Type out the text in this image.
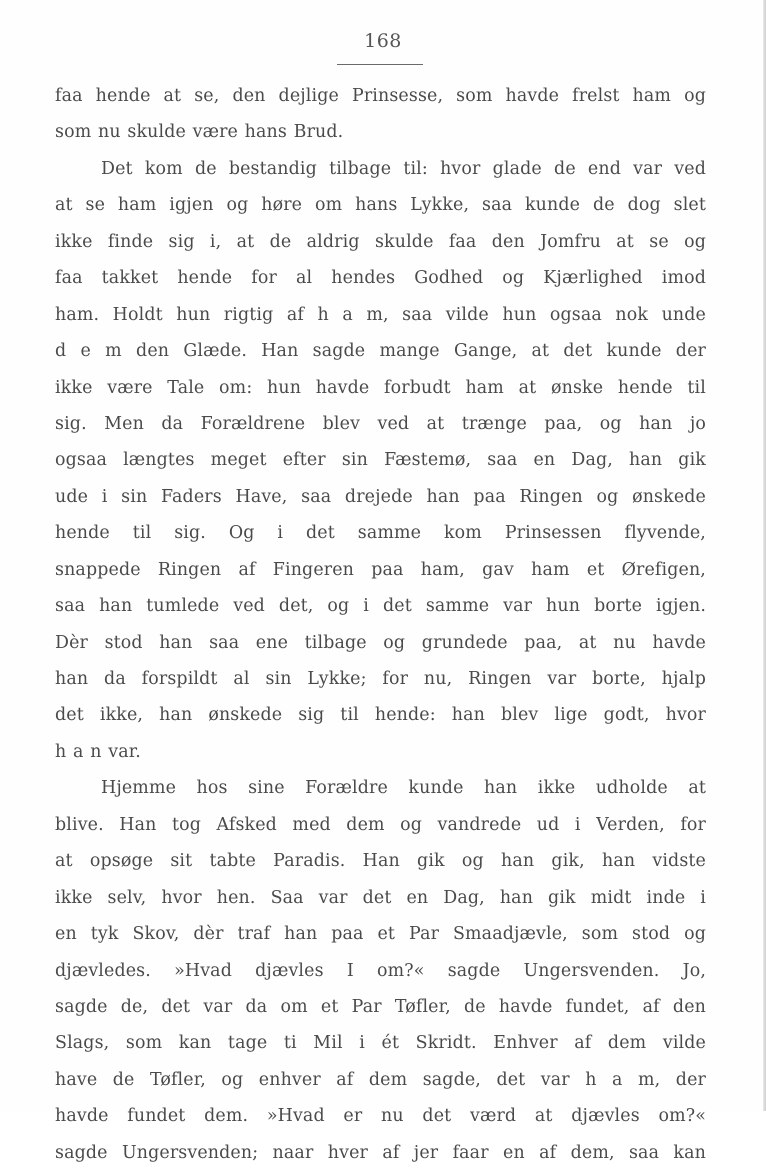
168
faa hende at se, den dejlige Prinsesse, som havde frelst ham og
som nu skulde være hans Brud.
Det kom de bestandig tilbage til: hvor glade de end var ved
at se ham igjen og høre om hans Lykke, saa kunde de dog slet
ikke finde sig i, at de aldrig skulde faa den Jomfru at se og
faa takket hende for al hendes Godhed og Kjærlighed imod
ham. Holdt hun rigtig af h a m, saa vilde hun ogsaa nok unde
d e m den Glæde. Han sagde mange Gange, at det kunde der
ikke være Tale om: hun havde forbudt ham at ønske hende til
sig. Men da Forældrene blev ved at trænge paa, og han jo
ogsaa længtes meget efter sin Fæstemø, saa en Dag, han gik
ude i sin Faders Have, saa drejede han paa Ringen og ønskede
hende til sig. Og i det samme kom Prinsessen flyvende,
snappede Ringen af Fingeren paa ham, gav ham et Ørefigen,
saa han tumlede ved det, og i det samme var hun borte igjen.
Dèr stod han saa ene tilbage og grundede paa, at nu havde
han da forspildt al sin Lykke; for nu, Ringen var borte, hjalp
det ikke, han ønskede sig til hende: han blev lige godt, hvor
h a n var.
Hjemme hos sine Forældre kunde han ikke udholde at
blive. Han tog Afsked med dem og vandrede ud i Verden, for
at opsøge sit tabte Paradis. Han gik og han gik, han vidste
ikke selv, hvor hen. Saa var det en Dag, han gik midt inde i
en tyk Skov, dèr traf han paa et Par Smaadjævle, som stod og
djævledes. »Hvad djævles I om?« sagde Ungersvenden. Jo,
sagde de, det var da om et Par Tøfler, de havde fundet, af den
Slags, som kan tage ti Mil i ét Skridt. Enhver af dem vilde
have de Tøfler, og enhver af dem sagde, det var h a m, der
havde fundet dem. »Hvad er nu det værd at djævles om?«
sagde Ungersvenden; naar hver af jer faar en af dem, saa kan
